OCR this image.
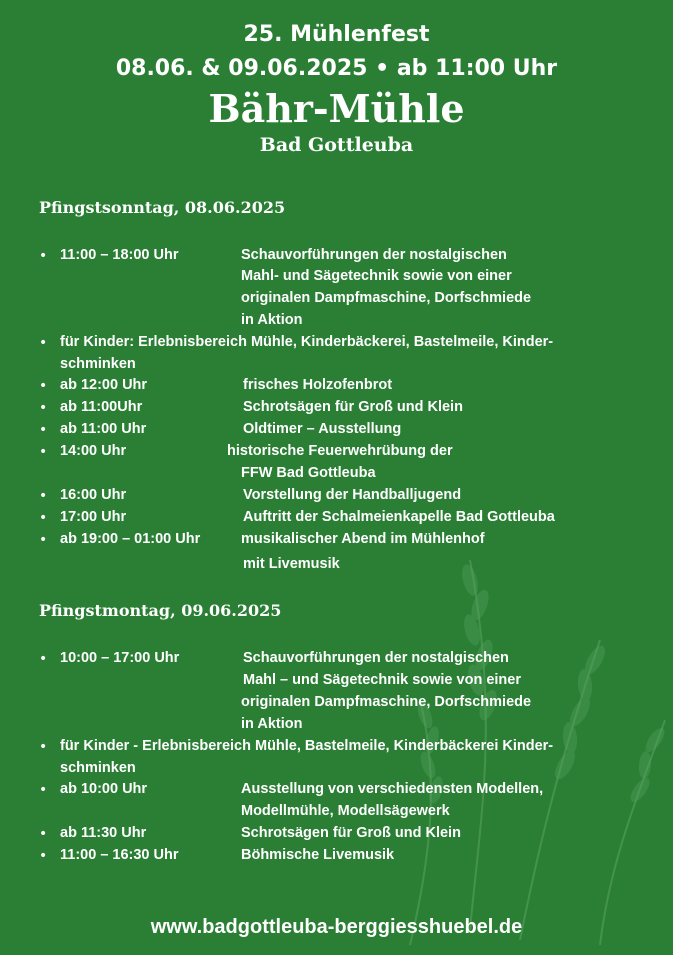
25. Mühlenfest
08.06. & 09.06.2025 • ab 11:00 Uhr
Bähr-Mühle
Bad Gottleuba
Pfingstsonntag, 08.06.2025
• 11:00 – 18:00 Uhr	Schauvorführungen der nostalgischen
Mahl- und Sägetechnik sowie von einer
originalen Dampfmaschine, Dorfschmiede
in Aktion
• für Kinder: Erlebnisbereich Mühle, Kinderbäckerei, Bastelmeile, Kinder-
schminken
• ab 12:00 Uhr	frisches Holzofenbrot
• ab 11:00Uhr	Schrotsägen für Groß und Klein
• ab 11:00 Uhr	Oldtimer – Ausstellung
• 14:00 Uhr	historische Feuerwehrübung der
FFW Bad Gottleuba
• 16:00 Uhr	Vorstellung der Handballjugend
• 17:00 Uhr	Auftritt der Schalmeienkapelle Bad Gottleuba
• ab 19:00 – 01:00 Uhr	musikalischer Abend im Mühlenhof
mit Livemusik
Pfingstmontag, 09.06.2025
• 10:00 – 17:00 Uhr	Schauvorführungen der nostalgischen
Mahl – und Sägetechnik sowie von einer
originalen Dampfmaschine, Dorfschmiede
in Aktion
• für Kinder - Erlebnisbereich Mühle, Bastelmeile, Kinderbäckerei Kinder-
schminken
• ab 10:00 Uhr	Ausstellung von verschiedensten Modellen,
Modellmühle, Modellsägewerk
• ab 11:30 Uhr	Schrotsägen für Groß und Klein
• 11:00 – 16:30 Uhr	Böhmische Livemusik
www.badgottleuba-berggiesshuebel.de
